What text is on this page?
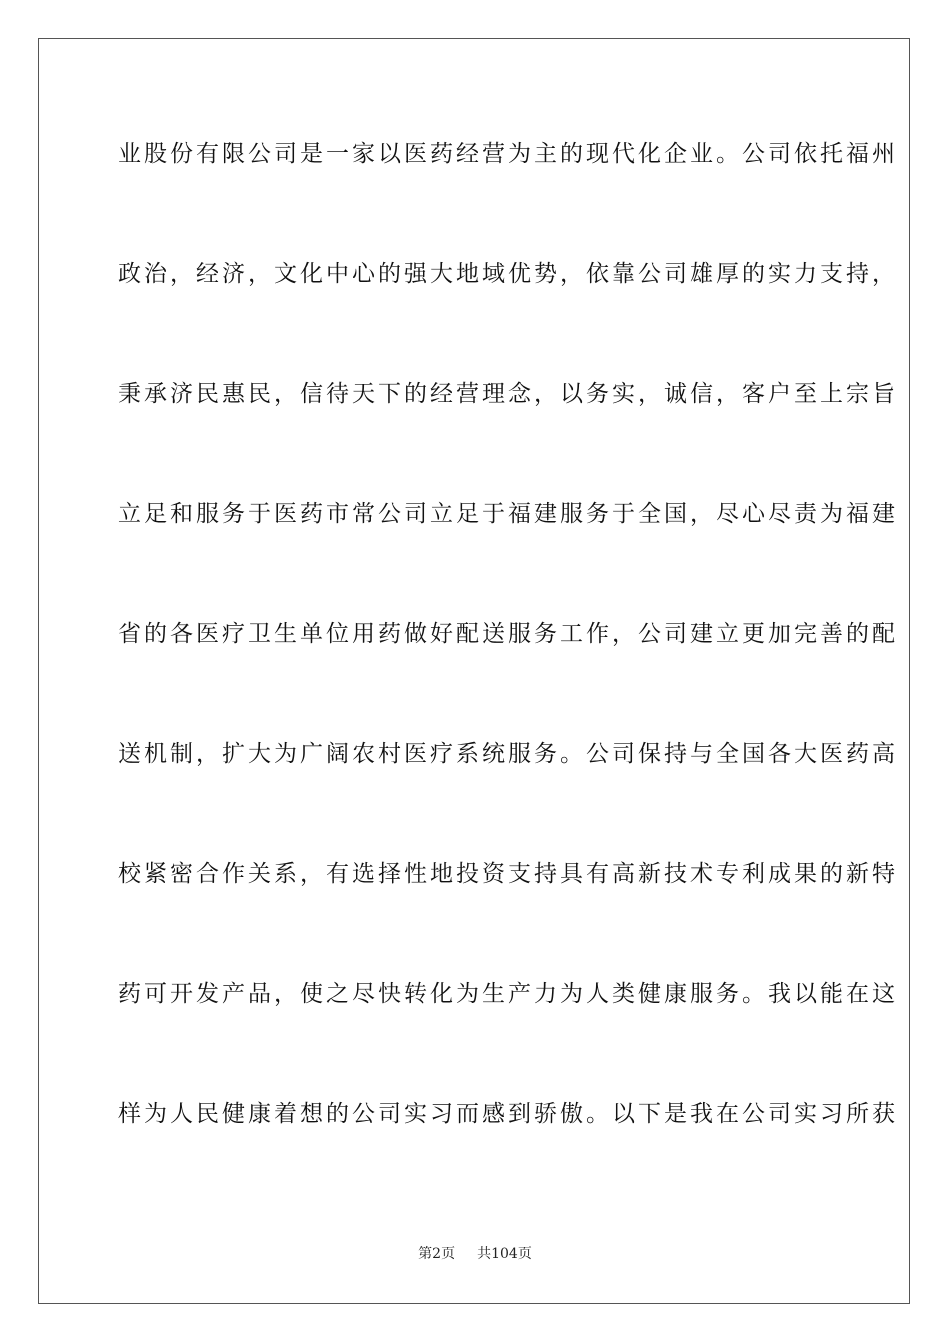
业股份有限公司是一家以医药经营为主的现代化企业。公司依托福州
政治，经济，文化中心的强大地域优势，依靠公司雄厚的实力支持，
秉承济民惠民，信待天下的经营理念，以务实，诚信，客户至上宗旨
立足和服务于医药市常公司立足于福建服务于全国，尽心尽责为福建
省的各医疗卫生单位用药做好配送服务工作，公司建立更加完善的配
送机制，扩大为广阔农村医疗系统服务。公司保持与全国各大医药高
校紧密合作关系，有选择性地投资支持具有高新技术专利成果的新特
药可开发产品，使之尽快转化为生产力为人类健康服务。我以能在这
样为人民健康着想的公司实习而感到骄傲。以下是我在公司实习所获
第2页 共104页
